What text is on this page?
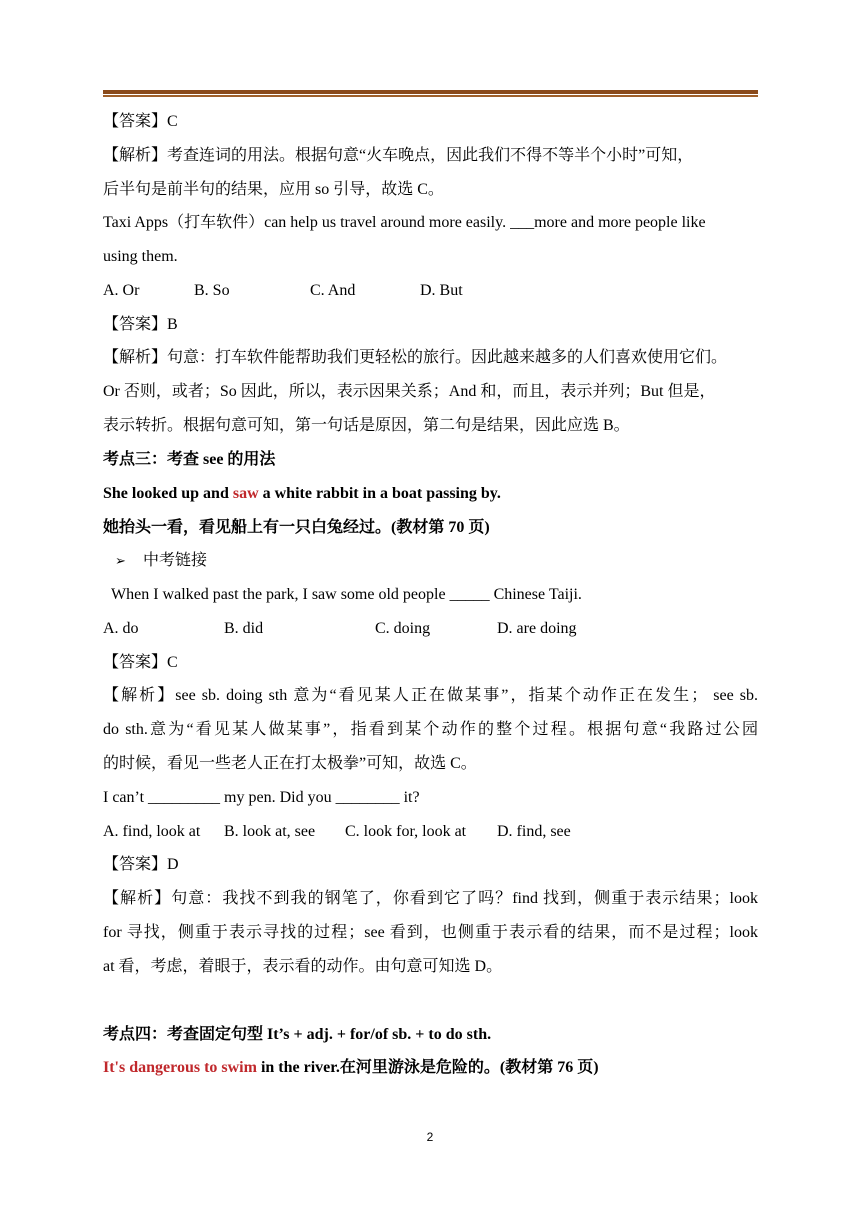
【答案】C
【解析】考查连词的用法。根据句意“火车晚点，因此我们不得不等半个小时”可知，
后半句是前半句的结果，应用 so 引导，故选 C。
Taxi Apps（打车软件）can help us travel around more easily. ___more and more people like
using them.
A. Or	B. So	C. And	D. But
【答案】B
【解析】句意：打车软件能帮助我们更轻松的旅行。因此越来越多的人们喜欢使用它们。
Or 否则，或者；So 因此，所以，表示因果关系；And 和，而且，表示并列；But 但是，
表示转折。根据句意可知，第一句话是原因，第二句是结果，因此应选 B。
考点三：考查 see 的用法
She looked up and saw a white rabbit in a boat passing by.
她抬头一看，看见船上有一只白兔经过。(教材第 70 页)
➢ 中考链接
When I walked past the park, I saw some old people _____ Chinese Taiji.
A. do	B. did	C. doing	D. are doing
【答案】C
【解析】see sb. doing sth 意为“看见某人正在做某事”，指某个动作正在发生； see sb.
do sth.意为“看见某人做某事”，指看到某个动作的整个过程。根据句意“我路过公园
的时候，看见一些老人正在打太极拳”可知，故选 C。
I can’t _________ my pen. Did you ________ it?
A. find, look at B. look at, see C. look for, look at D. find, see
【答案】D
【解析】句意：我找不到我的钢笔了，你看到它了吗？find 找到，侧重于表示结果；look
for 寻找，侧重于表示寻找的过程；see 看到，也侧重于表示看的结果，而不是过程；look
at 看，考虑，着眼于，表示看的动作。由句意可知选 D。
考点四：考查固定句型 It’s + adj. + for/of sb. + to do sth.
It's dangerous to swim in the river.在河里游泳是危险的。(教材第 76 页)
2
